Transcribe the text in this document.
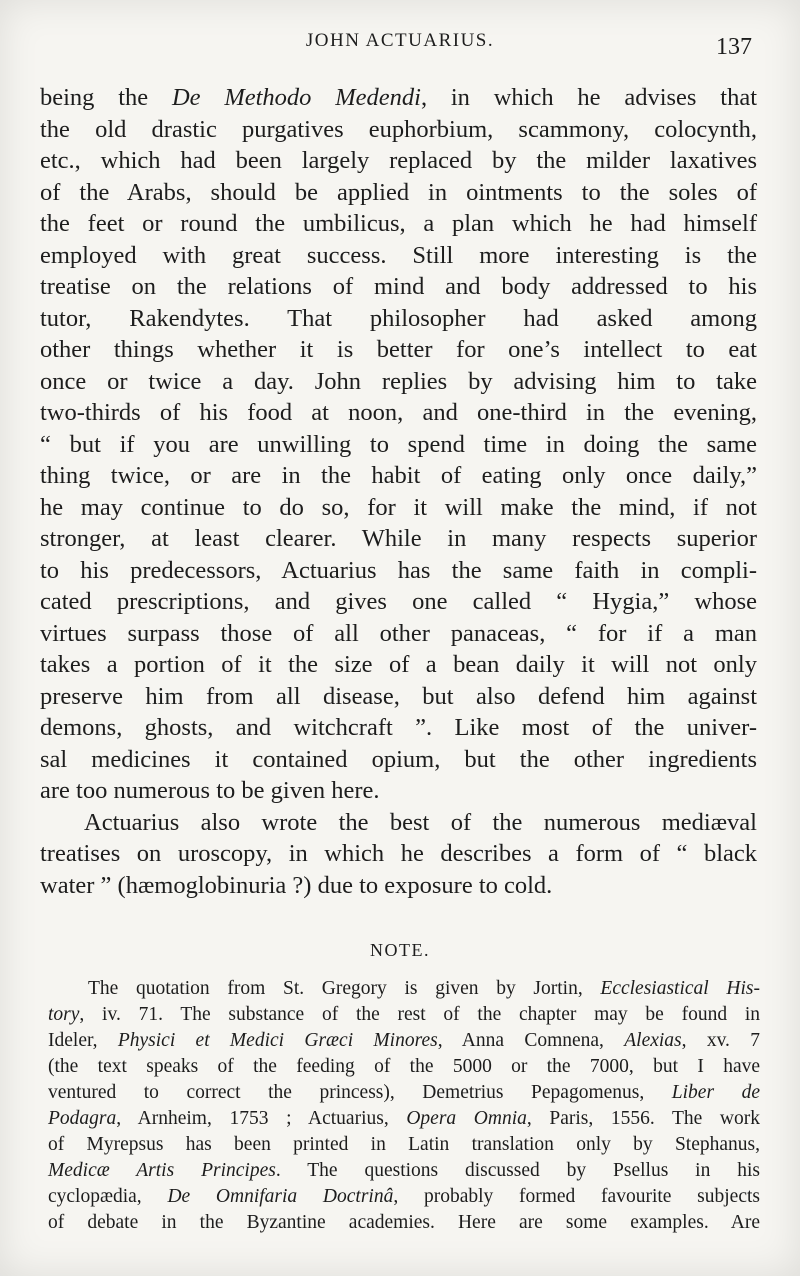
JOHN ACTUARIUS.	137

being the De Methodo Medendi, in which he advises that
the old drastic purgatives euphorbium, scammony, colocynth,
etc., which had been largely replaced by the milder laxatives
of the Arabs, should be applied in ointments to the soles of
the feet or round the umbilicus, a plan which he had himself
employed with great success. Still more interesting is the
treatise on the relations of mind and body addressed to his
tutor, Rakendytes. That philosopher had asked among
other things whether it is better for one’s intellect to eat
once or twice a day. John replies by advising him to take
two-thirds of his food at noon, and one-third in the evening,
“ but if you are unwilling to spend time in doing the same
thing twice, or are in the habit of eating only once daily,”
he may continue to do so, for it will make the mind, if not
stronger, at least clearer. While in many respects superior
to his predecessors, Actuarius has the same faith in compli-
cated prescriptions, and gives one called “ Hygia,” whose
virtues surpass those of all other panaceas, “ for if a man
takes a portion of it the size of a bean daily it will not only
preserve him from all disease, but also defend him against
demons, ghosts, and witchcraft ”. Like most of the univer-
sal medicines it contained opium, but the other ingredients
are too numerous to be given here.

Actuarius also wrote the best of the numerous mediæval
treatises on uroscopy, in which he describes a form of “ black
water ” (hæmoglobinuria ?) due to exposure to cold.

NOTE.
The quotation from St. Gregory is given by Jortin, Ecclesiastical His-
tory, iv. 71. The substance of the rest of the chapter may be found in
Ideler, Physici et Medici Græci Minores, Anna Comnena, Alexias, xv. 7
(the text speaks of the feeding of the 5000 or the 7000, but I have
ventured to correct the princess), Demetrius Pepagomenus, Liber de
Podagra, Arnheim, 1753 ; Actuarius, Opera Omnia, Paris, 1556. The work
of Myrepsus has been printed in Latin translation only by Stephanus,
Medicæ Artis Principes. The questions discussed by Psellus in his
cyclopædia, De Omnifaria Doctrinâ, probably formed favourite subjects
of debate in the Byzantine academies. Here are some examples. Are
